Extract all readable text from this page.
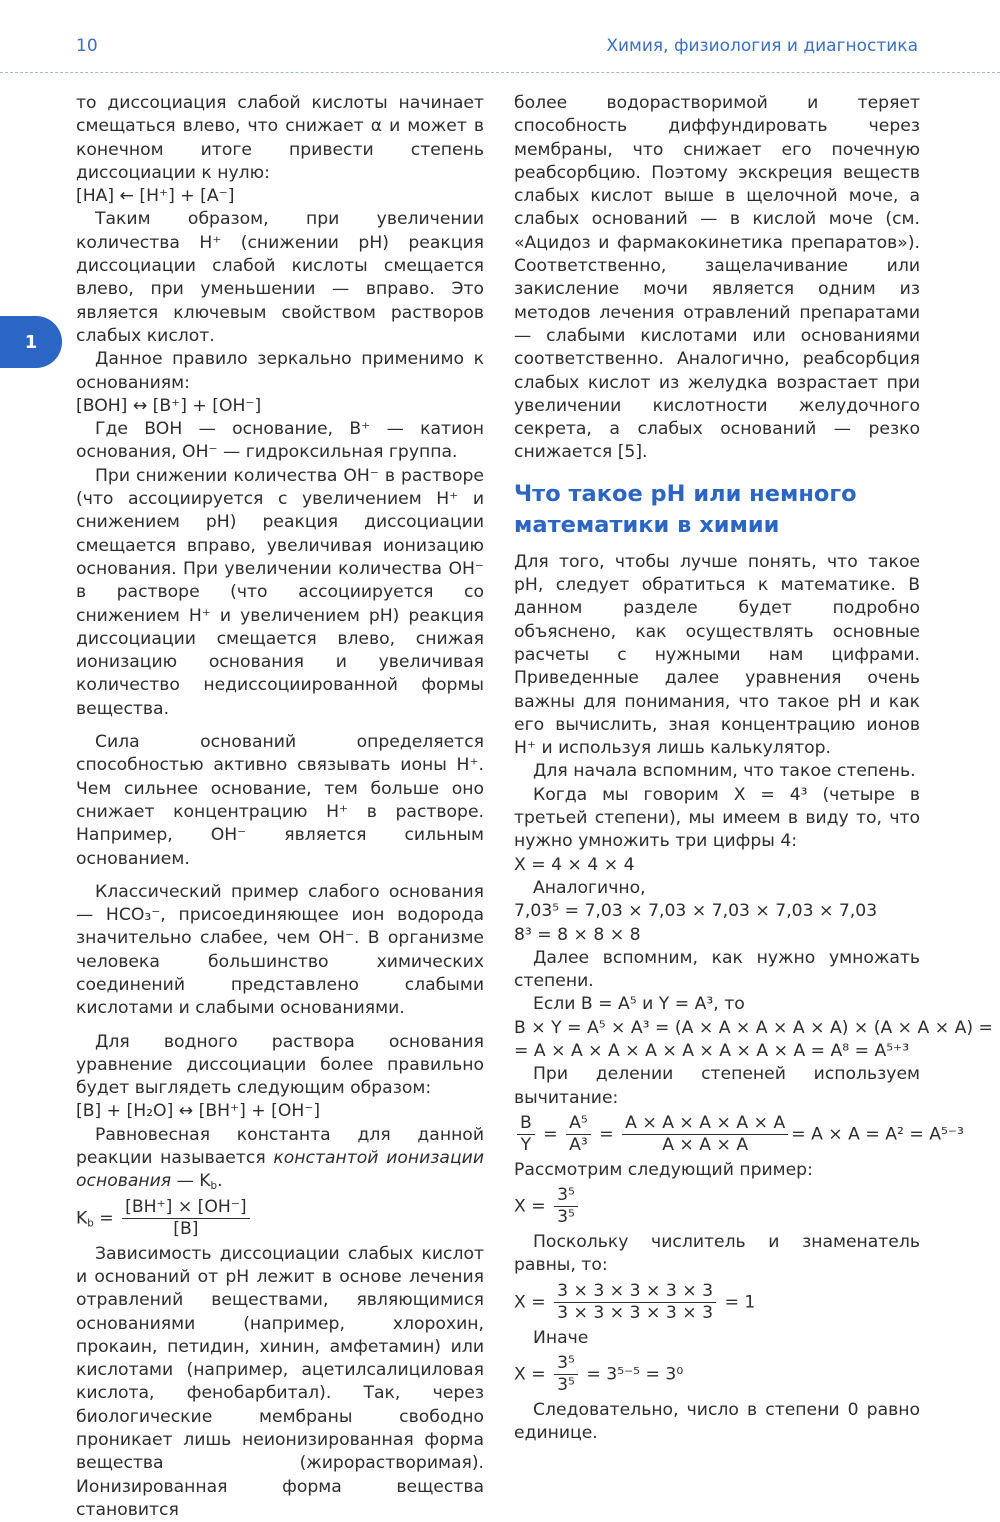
10	Химия, физиология и диагностика
1

то диссоциация слабой кислоты начинает смещаться влево, что снижает α и может в конечном итоге привести степень диссоциации к нулю:

[HA] ← [H⁺] + [A⁻]

Таким образом, при увеличении количества H⁺ (снижении pH) реакция диссоциации слабой кислоты смещается влево, при уменьшении — вправо. Это является ключевым свойством растворов слабых кислот.

Данное правило зеркально применимо к основаниям:

[BOH] ↔ [B⁺] + [OH⁻]

Где BOH — основание, B⁺ — катион основания, OH⁻ — гидроксильная группа.

При снижении количества OH⁻ в растворе (что ассоциируется с увеличением H⁺ и снижением pH) реакция диссоциации смещается вправо, увеличивая ионизацию основания. При увеличении количества OH⁻ в растворе (что ассоциируется со снижением H⁺ и увеличением pH) реакция диссоциации смещается влево, снижая ионизацию основания и увеличивая количество недиссоциированной формы вещества.

Сила оснований определяется способностью активно связывать ионы H⁺. Чем сильнее основание, тем больше оно снижает концентрацию H⁺ в растворе. Например, OH⁻ является сильным основанием.

Классический пример слабого основания — HCO₃⁻, присоединяющее ион водорода значительно слабее, чем OH⁻. В организме человека большинство химических соединений представлено слабыми кислотами и слабыми основаниями.

Для водного раствора основания уравнение диссоциации более правильно будет выглядеть следующим образом:

[B] + [H₂O] ↔ [BH⁺] + [OH⁻]

Равновесная константа для данной реакции называется константой ионизации основания — $K_b$.

$K_b = \frac{[BH^+] \times [OH^-]}{[B]}$

Зависимость диссоциации слабых кислот и оснований от pH лежит в основе лечения отравлений веществами, являющимися основаниями (например, хлорохин, прокаин, петидин, хинин, амфетамин) или кислотами (например, ацетилсалициловая кислота, фенобарбитал). Так, через биологические мембраны свободно проникает лишь неионизированная форма вещества (жирорастворимая). Ионизированная форма вещества становится

более водорастворимой и теряет способность диффундировать через мембраны, что снижает его почечную реабсорбцию. Поэтому экскреция веществ слабых кислот выше в щелочной моче, а слабых оснований — в кислой моче (см. «Ацидоз и фармакокинетика препаратов»). Соответственно, защелачивание или закисление мочи является одним из методов лечения отравлений препаратами — слабыми кислотами или основаниями соответственно. Аналогично, реабсорбция слабых кислот из желудка возрастает при увеличении кислотности желудочного секрета, а слабых оснований — резко снижается [5].

Что такое pH или немного математики в химии

Для того, чтобы лучше понять, что такое pH, следует обратиться к математике. В данном разделе будет подробно объяснено, как осуществлять основные расчеты с нужными нам цифрами. Приведенные далее уравнения очень важны для понимания, что такое pH и как его вычислить, зная концентрацию ионов H⁺ и используя лишь калькулятор.

Для начала вспомним, что такое степень.

Когда мы говорим X = 4³ (четыре в третьей степени), мы имеем в виду то, что нужно умножить три цифры 4:

X = 4 × 4 × 4

Аналогично,

7,03⁵ = 7,03 × 7,03 × 7,03 × 7,03 × 7,03

8³ = 8 × 8 × 8

Далее вспомним, как нужно умножать степени.

Если B = A⁵ и Y = A³, то

B × Y = A⁵ × A³ = (A × A × A × A × A) × (A × A × A) =

= A × A × A × A × A × A × A × A = A⁸ = A⁵⁺³

При делении степеней используем вычитание:

$\frac{B}{Y} = \frac{\text{A⁵}}{\text{A³}} = \frac{A \times A \times A \times A \times A}{A \times A \times A} = A \times A = A^2 = A^{5-3}$

Рассмотрим следующий пример:

$X = \frac{\text{3⁵}}{\text{3⁵}}$

Поскольку числитель и знаменатель равны, то:

$X = \frac{3 \times 3 \times 3 \times 3 \times 3}{3 \times 3 \times 3 \times 3 \times 3} = 1$

Иначе

$X = \frac{\text{3⁵}}{\text{3⁵}} = 3^{5-5} = 3^0$

Следовательно, число в степени 0 равно единице.
